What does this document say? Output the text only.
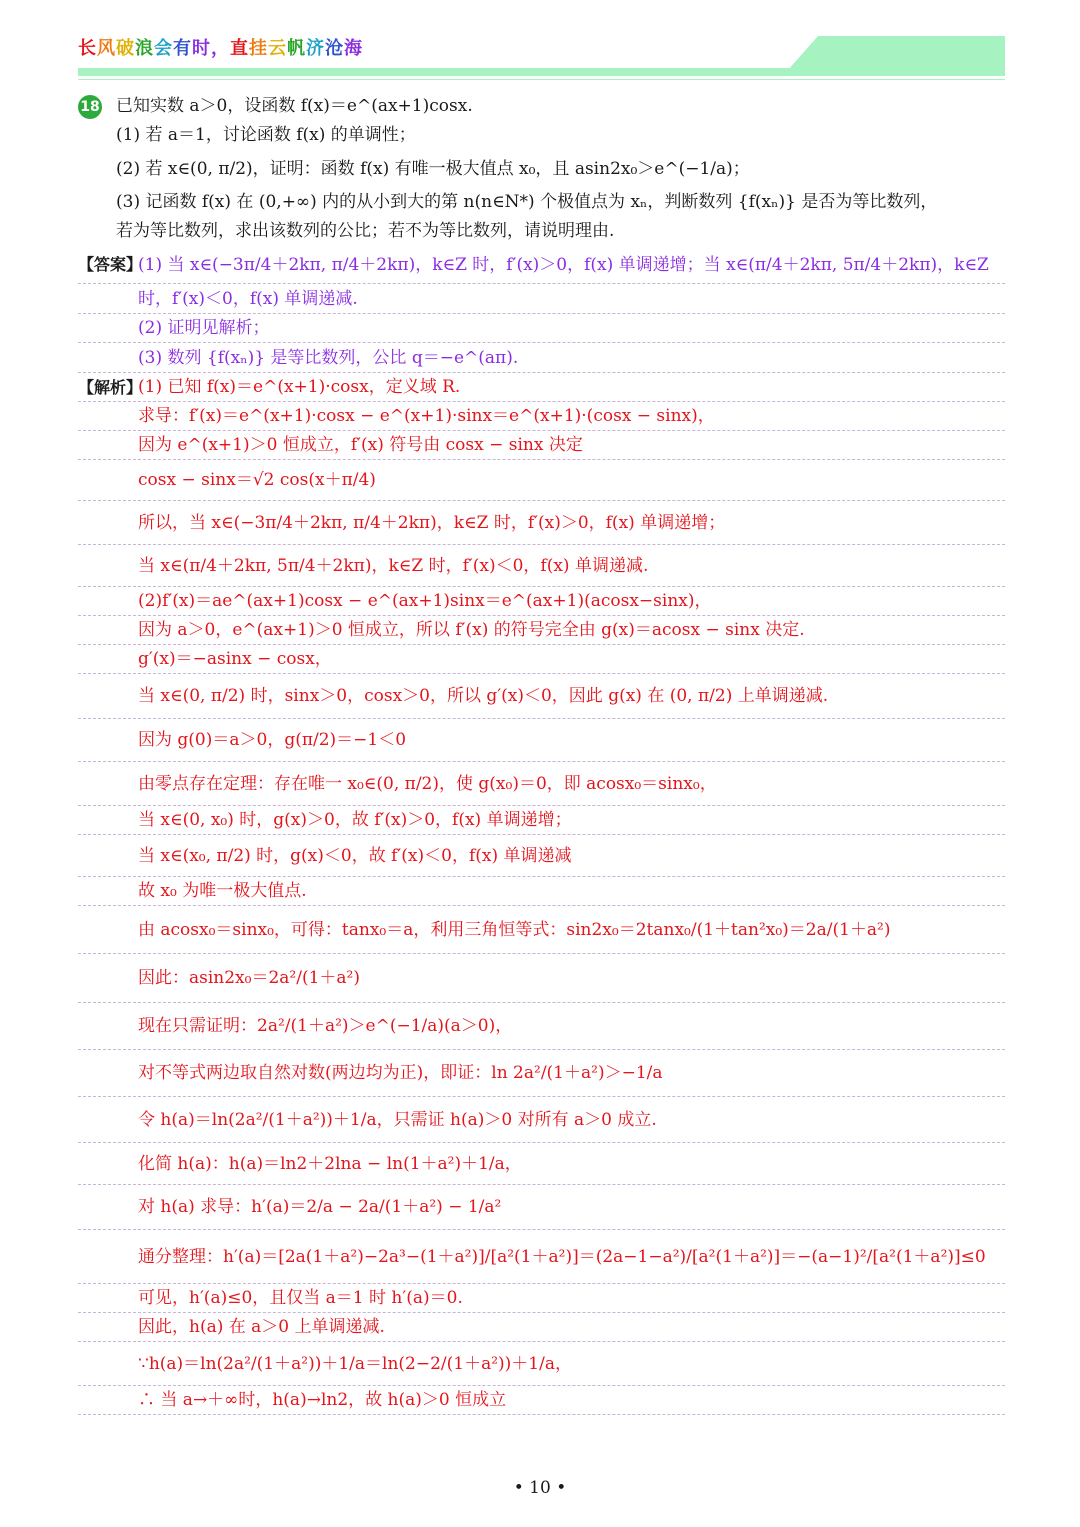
长风破浪会有时，直挂云帆济沧海
18 已知实数 a＞0，设函数 f(x)＝e^(ax+1)cosx.
(1) 若 a＝1，讨论函数 f(x) 的单调性；
(2) 若 x∈(0, π/2)，证明：函数 f(x) 有唯一极大值点 x₀，且 asin2x₀＞e^(−1/a)；
(3) 记函数 f(x) 在 (0,+∞) 内的从小到大的第 n(n∈N*) 个极值点为 xₙ，判断数列 {f(xₙ)} 是否为等比数列，
若为等比数列，求出该数列的公比；若不为等比数列，请说明理由.
【答案】
(1) 当 x∈(−3π/4＋2kπ, π/4＋2kπ)，k∈Z 时，f′(x)＞0，f(x) 单调递增；当 x∈(π/4＋2kπ, 5π/4＋2kπ)，k∈Z
时，f′(x)＜0，f(x) 单调递减.
(2) 证明见解析；
(3) 数列 {f(xₙ)} 是等比数列，公比 q＝−e^(aπ).
【解析】
(1) 已知 f(x)＝e^(x+1)·cosx，定义域 R.
求导：f′(x)＝e^(x+1)·cosx − e^(x+1)·sinx＝e^(x+1)·(cosx − sinx)，
因为 e^(x+1)＞0 恒成立，f′(x) 符号由 cosx − sinx 决定
cosx − sinx＝√2 cos(x＋π/4)
所以，当 x∈(−3π/4＋2kπ, π/4＋2kπ)，k∈Z 时，f′(x)＞0，f(x) 单调递增；
当 x∈(π/4＋2kπ, 5π/4＋2kπ)，k∈Z 时，f′(x)＜0，f(x) 单调递减.
(2)f′(x)＝ae^(ax+1)cosx − e^(ax+1)sinx＝e^(ax+1)(acosx−sinx)，
因为 a＞0，e^(ax+1)＞0 恒成立，所以 f′(x) 的符号完全由 g(x)＝acosx − sinx 决定.
g′(x)＝−asinx − cosx，
当 x∈(0, π/2) 时，sinx＞0，cosx＞0，所以 g′(x)＜0，因此 g(x) 在 (0, π/2) 上单调递减.
因为 g(0)＝a＞0，g(π/2)＝−1＜0
由零点存在定理：存在唯一 x₀∈(0, π/2)，使 g(x₀)＝0，即 acosx₀＝sinx₀，
当 x∈(0, x₀) 时，g(x)＞0，故 f′(x)＞0，f(x) 单调递增；
当 x∈(x₀, π/2) 时，g(x)＜0，故 f′(x)＜0，f(x) 单调递减
故 x₀ 为唯一极大值点.
由 acosx₀＝sinx₀，可得：tanx₀＝a，利用三角恒等式：sin2x₀＝2tanx₀/(1＋tan²x₀)＝2a/(1＋a²)
因此：asin2x₀＝2a²/(1＋a²)
现在只需证明：2a²/(1＋a²)＞e^(−1/a)(a＞0)，
对不等式两边取自然对数(两边均为正)，即证：ln 2a²/(1＋a²)＞−1/a
令 h(a)＝ln(2a²/(1＋a²))＋1/a，只需证 h(a)＞0 对所有 a＞0 成立.
化简 h(a)：h(a)＝ln2＋2lna − ln(1＋a²)＋1/a，
对 h(a) 求导：h′(a)＝2/a − 2a/(1＋a²) − 1/a²
通分整理：h′(a)＝[2a(1＋a²)−2a³−(1＋a²)]/[a²(1＋a²)]＝(2a−1−a²)/[a²(1＋a²)]＝−(a−1)²/[a²(1＋a²)]≤0
可见，h′(a)≤0，且仅当 a＝1 时 h′(a)＝0.
因此，h(a) 在 a＞0 上单调递减.
∵h(a)＝ln(2a²/(1＋a²))＋1/a＝ln(2−2/(1＋a²))＋1/a，
∴ 当 a→＋∞时，h(a)→ln2，故 h(a)＞0 恒成立
• 10 •
